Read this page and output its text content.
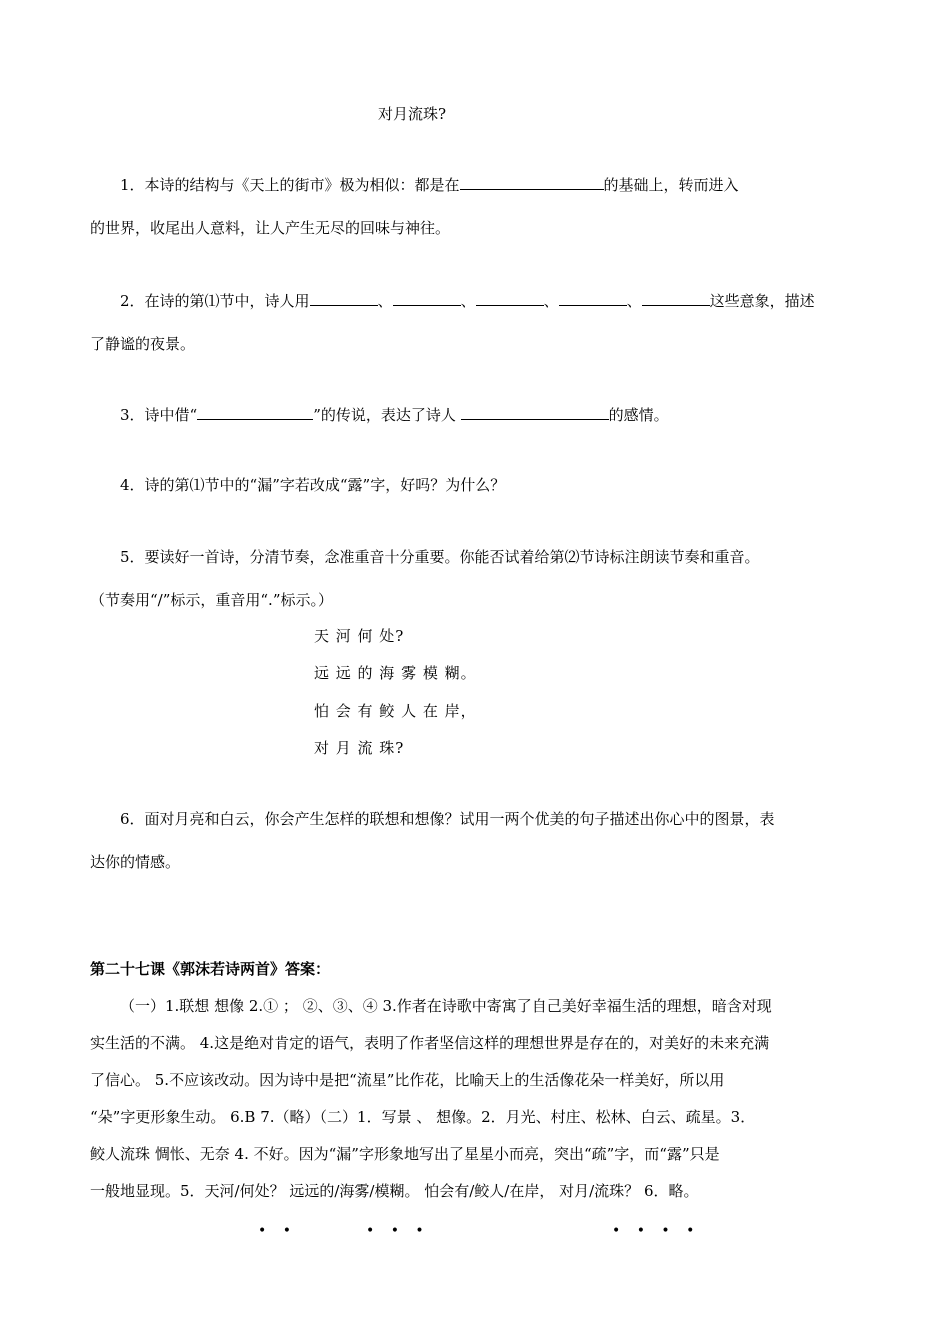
对月流珠?
1．本诗的结构与《天上的街市》极为相似：都是在	的基础上，转而进入
的世界，收尾出人意料，让人产生无尽的回味与神往。
2．在诗的第⑴节中，诗人用	、	、	、	、	这些意象，描述
了静谧的夜景。
3．诗中借“	”的传说，表达了诗人	的感情。
4．诗的第⑴节中的“漏”字若改成“露”字，好吗？为什么？
5．要读好一首诗，分清节奏，念准重音十分重要。你能否试着给第⑵节诗标注朗读节奏和重音。
（节奏用“/”标示，重音用“.”标示。）
天 河 何 处?
远 远 的 海 雾 模 糊。
怕 会 有 鲛 人 在 岸，
对 月 流 珠?
6．面对月亮和白云，你会产生怎样的联想和想像？试用一两个优美的句子描述出你心中的图景，表
达你的情感。
第二十七课《郭沫若诗两首》答案：
（一）1.联想 想像 2.① ； ②、③、④ 3.作者在诗歌中寄寓了自己美好幸福生活的理想，暗含对现
实生活的不满。 4.这是绝对肯定的语气，表明了作者坚信这样的理想世界是存在的，对美好的未来充满
了信心。 5.不应该改动。因为诗中是把“流星”比作花，比喻天上的生活像花朵一样美好，所以用
“朵”字更形象生动。 6.B 7.（略）（二）1．写景 、 想像。2．月光、村庄、松林、白云、疏星。3．
鲛人流珠 惆怅、无奈 4. 不好。因为“漏”字形象地写出了星星小而亮，突出“疏”字，而“露”只是
一般地显现。5．天河/何处？ 远远的/海雾/模糊。 怕会有/鲛人/在岸， 对月/流珠？ 6．略。
• •	• • •	• • • •
